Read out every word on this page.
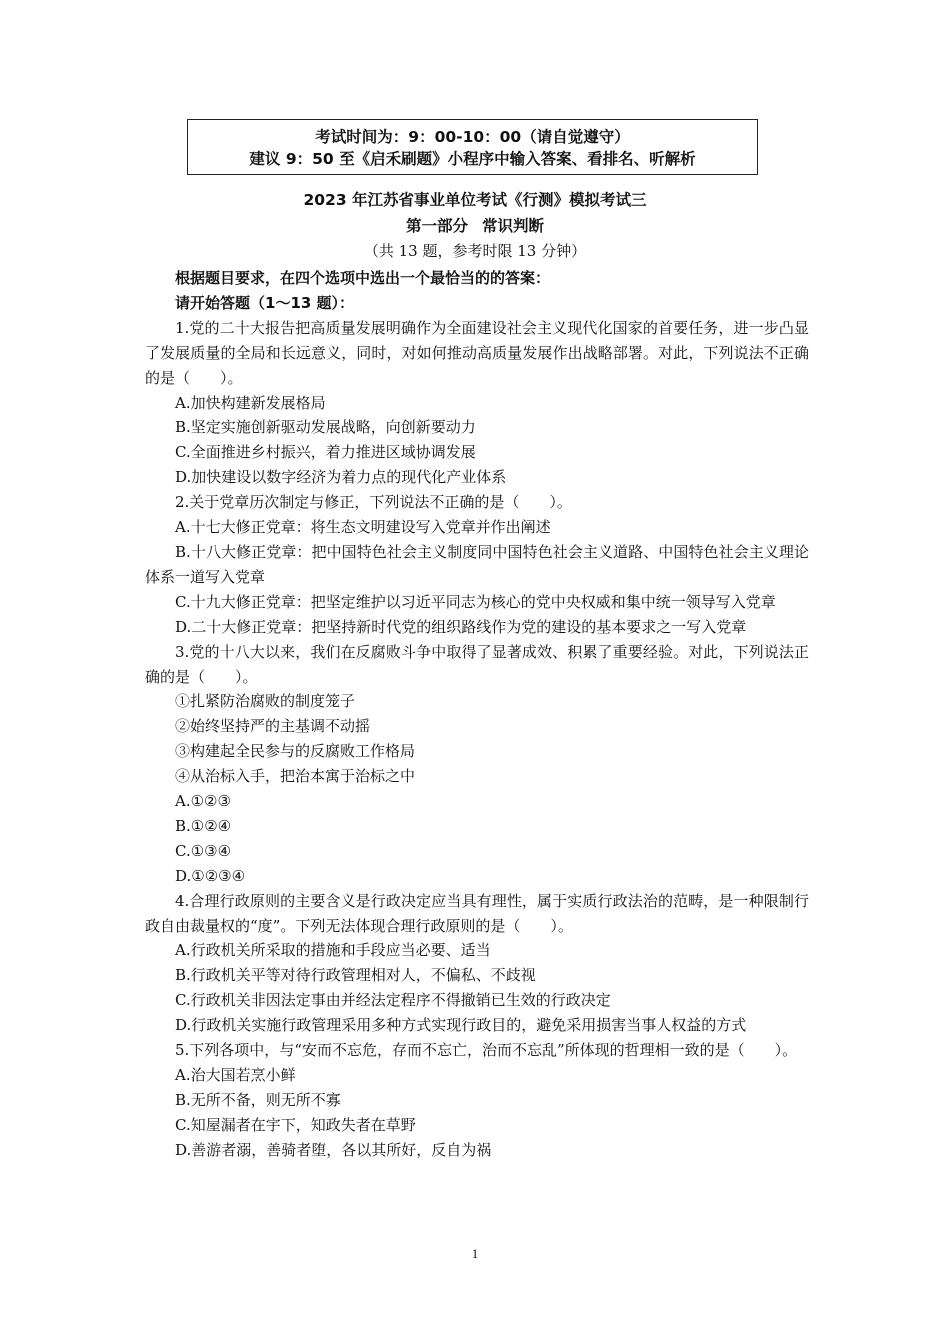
考试时间为：9：00-10：00（请自觉遵守）
建议 9：50 至《启禾刷题》小程序中输入答案、看排名、听解析
2023 年江苏省事业单位考试《行测》模拟考试三
第一部分 常识判断
（共 13 题，参考时限 13 分钟）

根据题目要求，在四个选项中选出一个最恰当的的答案：

请开始答题（1～13 题）：

1.党的二十大报告把高质量发展明确作为全面建设社会主义现代化国家的首要任务，进一步凸显了发展质量的全局和长远意义，同时，对如何推动高质量发展作出战略部署。对此，下列说法不正确的是（　　）。

A.加快构建新发展格局

B.坚定实施创新驱动发展战略，向创新要动力

C.全面推进乡村振兴，着力推进区域协调发展

D.加快建设以数字经济为着力点的现代化产业体系

2.关于党章历次制定与修正，下列说法不正确的是（　　）。

A.十七大修正党章：将生态文明建设写入党章并作出阐述

B.十八大修正党章：把中国特色社会主义制度同中国特色社会主义道路、中国特色社会主义理论体系一道写入党章

C.十九大修正党章：把坚定维护以习近平同志为核心的党中央权威和集中统一领导写入党章

D.二十大修正党章：把坚持新时代党的组织路线作为党的建设的基本要求之一写入党章

3.党的十八大以来，我们在反腐败斗争中取得了显著成效、积累了重要经验。对此，下列说法正确的是（　　）。

①扎紧防治腐败的制度笼子

②始终坚持严的主基调不动摇

③构建起全民参与的反腐败工作格局

④从治标入手，把治本寓于治标之中

A.①②③

B.①②④

C.①③④

D.①②③④

4.合理行政原则的主要含义是行政决定应当具有理性，属于实质行政法治的范畴，是一种限制行政自由裁量权的“度”。下列无法体现合理行政原则的是（　　）。

A.行政机关所采取的措施和手段应当必要、适当

B.行政机关平等对待行政管理相对人，不偏私、不歧视

C.行政机关非因法定事由并经法定程序不得撤销已生效的行政决定

D.行政机关实施行政管理采用多种方式实现行政目的，避免采用损害当事人权益的方式

5.下列各项中，与“安而不忘危，存而不忘亡，治而不忘乱”所体现的哲理相一致的是（　　）。

A.治大国若烹小鲜

B.无所不备，则无所不寡

C.知屋漏者在宇下，知政失者在草野

D.善游者溺，善骑者堕，各以其所好，反自为祸

1
